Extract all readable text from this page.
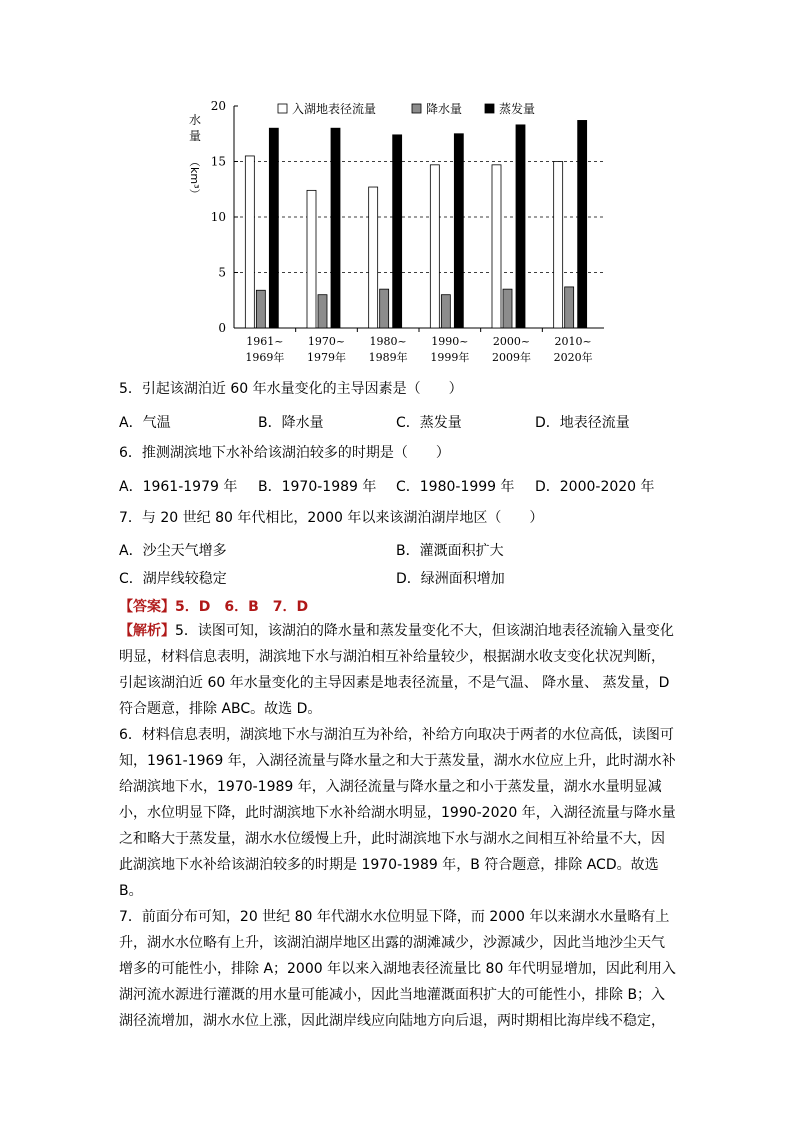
0
5
10
15
20
水
量
（km³）
1961~
1969年
1970~
1979年
1980~
1989年
1990~
1999年
2000~
2009年
2010~
2020年
入湖地表径流量	降水量	蒸发量
5．引起该湖泊近 60 年水量变化的主导因素是（　　）
A．气温	B．降水量	C．蒸发量	D．地表径流量
6．推测湖滨地下水补给该湖泊较多的时期是（　　）
A．1961-1979 年 B．1970-1989 年 C．1980-1999 年 D．2000-2020 年
7．与 20 世纪 80 年代相比，2000 年以来该湖泊湖岸地区（　　）
A．沙尘天气增多	B．灌溉面积扩大
C．湖岸线较稳定	D．绿洲面积增加
【答案】5．D　6．B　7．D
【解析】5．读图可知，该湖泊的降水量和蒸发量变化不大，但该湖泊地表径流输入量变化
明显，材料信息表明，湖滨地下水与湖泊相互补给量较少，根据湖水收支变化状况判断，
引起该湖泊近 60 年水量变化的主导因素是地表径流量，不是气温、 降水量、 蒸发量，D
符合题意，排除 ABC。故选 D。
6．材料信息表明，湖滨地下水与湖泊互为补给，补给方向取决于两者的水位高低，读图可
知，1961-1969 年，入湖径流量与降水量之和大于蒸发量，湖水水位应上升，此时湖水补
给湖滨地下水，1970-1989 年，入湖径流量与降水量之和小于蒸发量，湖水水量明显减
小，水位明显下降，此时湖滨地下水补给湖水明显，1990-2020 年，入湖径流量与降水量
之和略大于蒸发量，湖水水位缓慢上升，此时湖滨地下水与湖水之间相互补给量不大，因
此湖滨地下水补给该湖泊较多的时期是 1970-1989 年，B 符合题意，排除 ACD。故选 B。
7．前面分布可知，20 世纪 80 年代湖水水位明显下降，而 2000 年以来湖水水量略有上
升，湖水水位略有上升，该湖泊湖岸地区出露的湖滩减少，沙源减少，因此当地沙尘天气
增多的可能性小，排除 A；2000 年以来入湖地表径流量比 80 年代明显增加，因此利用入
湖河流水源进行灌溉的用水量可能减小，因此当地灌溉面积扩大的可能性小，排除 B；入
湖径流增加，湖水水位上涨，因此湖岸线应向陆地方向后退，两时期相比海岸线不稳定，
